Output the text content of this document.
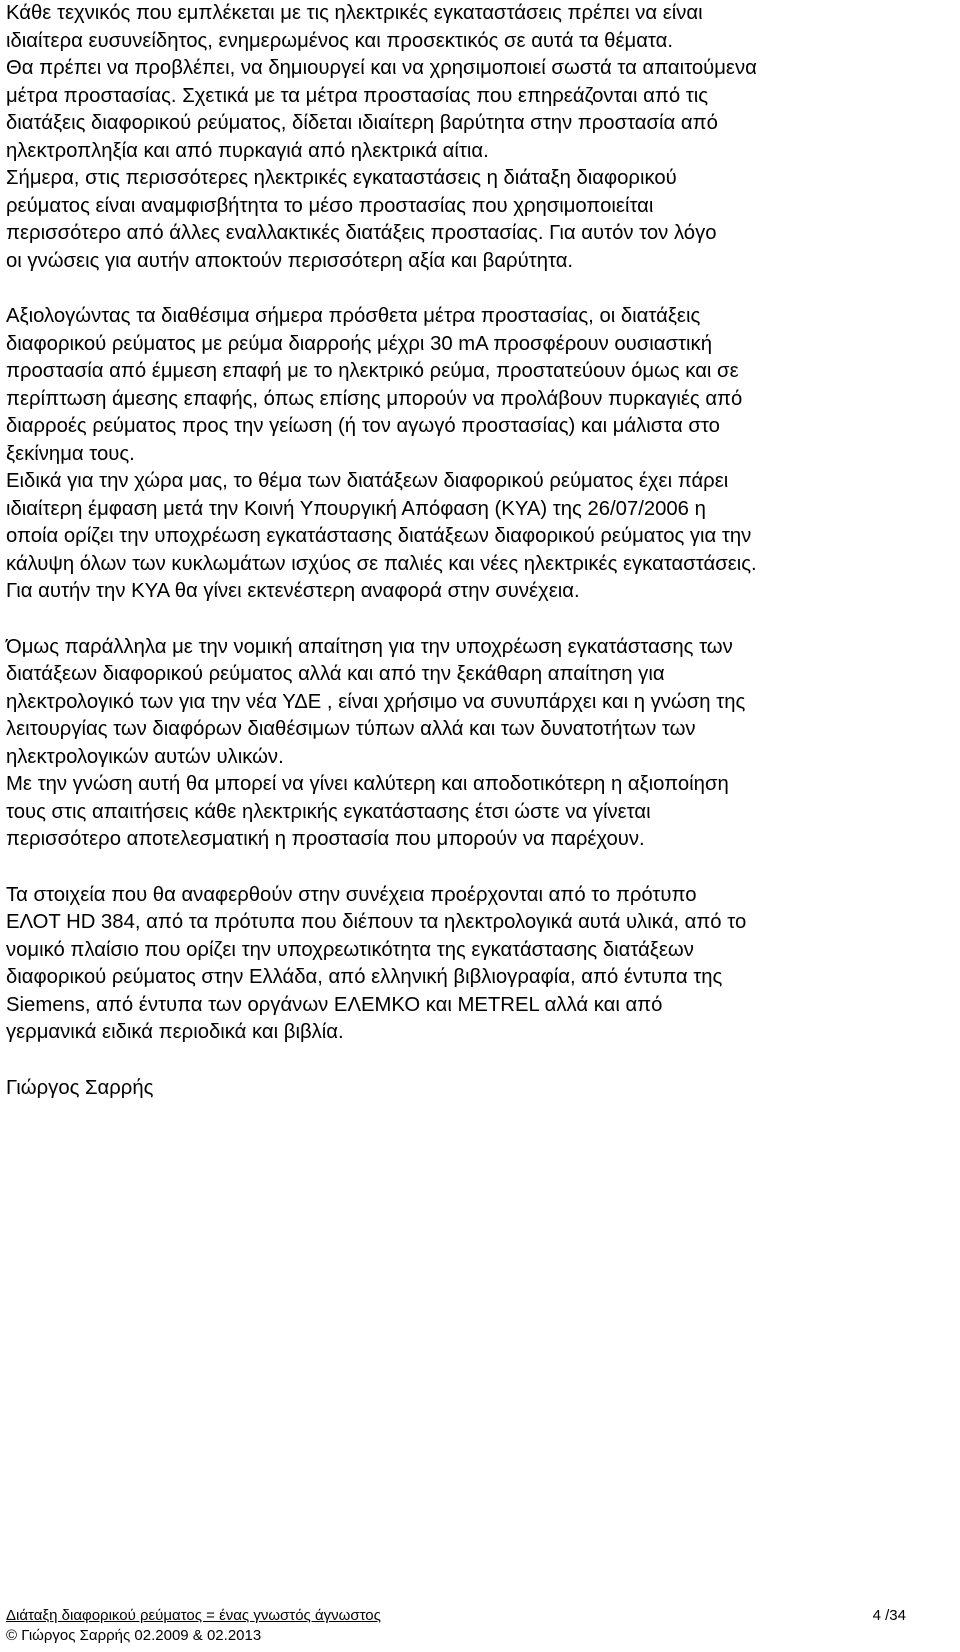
Κάθε τεχνικός που εμπλέκεται με τις ηλεκτρικές εγκαταστάσεις πρέπει να είναι
ιδιαίτερα ευσυνείδητος, ενημερωμένος και προσεκτικός σε αυτά τα θέματα.
Θα πρέπει να προβλέπει, να δημιουργεί και να χρησιμοποιεί σωστά τα απαιτούμενα
μέτρα προστασίας. Σχετικά με τα μέτρα προστασίας που επηρεάζονται από τις
διατάξεις διαφορικού ρεύματος, δίδεται ιδιαίτερη βαρύτητα στην προστασία από
ηλεκτροπληξία και από πυρκαγιά από ηλεκτρικά αίτια.
Σήμερα, στις περισσότερες ηλεκτρικές εγκαταστάσεις η διάταξη διαφορικού
ρεύματος είναι αναμφισβήτητα το μέσο προστασίας που χρησιμοποιείται
περισσότερο από άλλες εναλλακτικές διατάξεις προστασίας. Για αυτόν τον λόγο
οι γνώσεις για αυτήν αποκτούν περισσότερη αξία και βαρύτητα.
Αξιολογώντας τα διαθέσιμα σήμερα πρόσθετα μέτρα προστασίας, οι διατάξεις
διαφορικού ρεύματος με ρεύμα διαρροής μέχρι 30 mA προσφέρουν ουσιαστική
προστασία από έμμεση επαφή με το ηλεκτρικό ρεύμα, προστατεύουν όμως και σε
περίπτωση άμεσης επαφής, όπως επίσης μπορούν να προλάβουν πυρκαγιές από
διαρροές ρεύματος προς την γείωση (ή τον αγωγό προστασίας) και μάλιστα στο
ξεκίνημα τους.
Ειδικά για την χώρα μας, το θέμα των διατάξεων διαφορικού ρεύματος έχει πάρει
ιδιαίτερη έμφαση μετά την Κοινή Υπουργική Απόφαση (ΚΥΑ) της 26/07/2006 η
οποία ορίζει την υποχρέωση εγκατάστασης διατάξεων διαφορικού ρεύματος για την
κάλυψη όλων των κυκλωμάτων ισχύος σε παλιές και νέες ηλεκτρικές εγκαταστάσεις.
Για αυτήν την ΚΥΑ θα γίνει εκτενέστερη αναφορά στην συνέχεια.
Όμως παράλληλα με την νομική απαίτηση για την υποχρέωση εγκατάστασης των
διατάξεων διαφορικού ρεύματος αλλά και από την ξεκάθαρη απαίτηση για
ηλεκτρολογικό των για την νέα ΥΔΕ , είναι χρήσιμο να συνυπάρχει και η γνώση της
λειτουργίας των διαφόρων διαθέσιμων τύπων αλλά και των δυνατοτήτων των
ηλεκτρολογικών αυτών υλικών.
Με την γνώση αυτή θα μπορεί να γίνει καλύτερη και αποδοτικότερη η αξιοποίηση
τους στις απαιτήσεις κάθε ηλεκτρικής εγκατάστασης έτσι ώστε να γίνεται
περισσότερο αποτελεσματική η προστασία που μπορούν να παρέχουν.
Τα στοιχεία που θα αναφερθούν στην συνέχεια προέρχονται από το πρότυπο
ΕΛΟΤ HD 384, από τα πρότυπα που διέπουν τα ηλεκτρολογικά αυτά υλικά, από το
νομικό πλαίσιο που ορίζει την υποχρεωτικότητα της εγκατάστασης διατάξεων
διαφορικού ρεύματος στην Ελλάδα, από ελληνική βιβλιογραφία, από έντυπα της
Siemens, από έντυπα των οργάνων ΕΛΕΜΚΟ και METREL αλλά και από
γερμανικά ειδικά περιοδικά και βιβλία.
Γιώργος Σαρρής
Διάταξη διαφορικού ρεύματος = ένας γνωστός άγνωστος	4 /34
© Γιώργος Σαρρής 02.2009 & 02.2013
